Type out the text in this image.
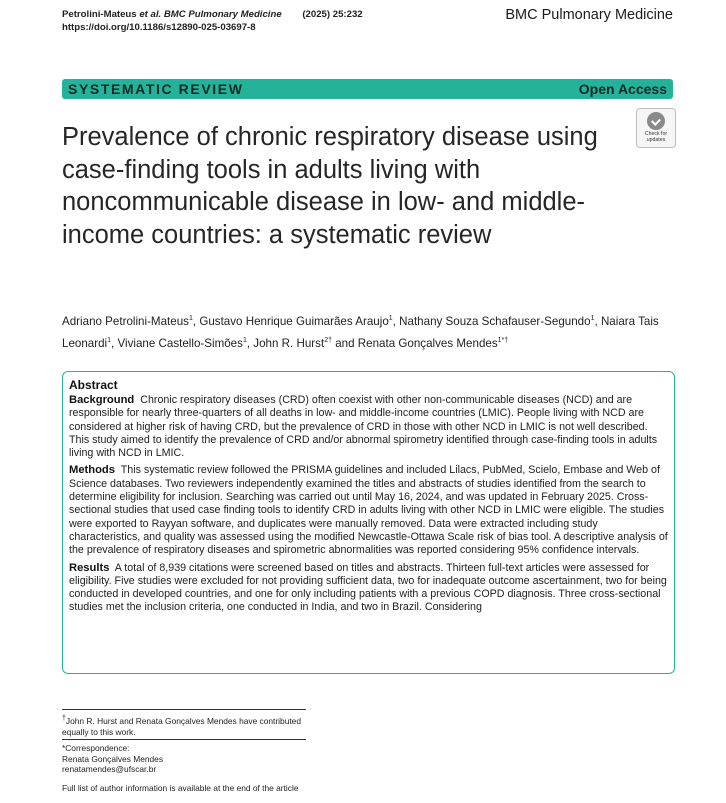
Petrolini-Mateus et al. BMC Pulmonary Medicine (2025) 25:232
https://doi.org/10.1186/s12890-025-03697-8
BMC Pulmonary Medicine
SYSTEMATIC REVIEW	Open Access
Check for
updates
Prevalence of chronic respiratory disease using case-finding tools in adults living with noncommunicable disease in low- and middle-income countries: a systematic review
Adriano Petrolini-Mateus$^1$, Gustavo Henrique Guimarães Araujo$^1$, Nathany Souza Schafauser-Segundo$^1$, Naiara Tais Leonardi$^1$, Viviane Castello-Simões$^1$, John R. Hurst$^{2\dagger}$ and Renata Gonçalves Mendes$^{1*\dagger}$
Abstract

Background Chronic respiratory diseases (CRD) often coexist with other non-communicable diseases (NCD) and are responsible for nearly three-quarters of all deaths in low- and middle-income countries (LMIC). People living with NCD are considered at higher risk of having CRD, but the prevalence of CRD in those with other NCD in LMIC is not well described. This study aimed to identify the prevalence of CRD and/or abnormal spirometry identified through case-finding tools in adults living with NCD in LMIC.

Methods This systematic review followed the PRISMA guidelines and included Lilacs, PubMed, Scielo, Embase and Web of Science databases. Two reviewers independently examined the titles and abstracts of studies identified from the search to determine eligibility for inclusion. Searching was carried out until May 16, 2024, and was updated in February 2025. Cross-sectional studies that used case finding tools to identify CRD in adults living with other NCD in LMIC were eligible. The studies were exported to Rayyan software, and duplicates were manually removed. Data were extracted including study characteristics, and quality was assessed using the modified Newcastle-Ottawa Scale risk of bias tool. A descriptive analysis of the prevalence of respiratory diseases and spirometric abnormalities was reported considering 95% confidence intervals.

Results A total of 8,939 citations were screened based on titles and abstracts. Thirteen full-text articles were assessed for eligibility. Five studies were excluded for not providing sufficient data, two for inadequate outcome ascertainment, two for being conducted in developed countries, and one for only including patients with a previous COPD diagnosis. Three cross-sectional studies met the inclusion criteria, one conducted in India, and two in Brazil. Considering

†John R. Hurst and Renata Gonçalves Mendes have contributed equally to this work.
*Correspondence:
Renata Gonçalves Mendes
renatamendes@ufscar.br
Full list of author information is available at the end of the article
